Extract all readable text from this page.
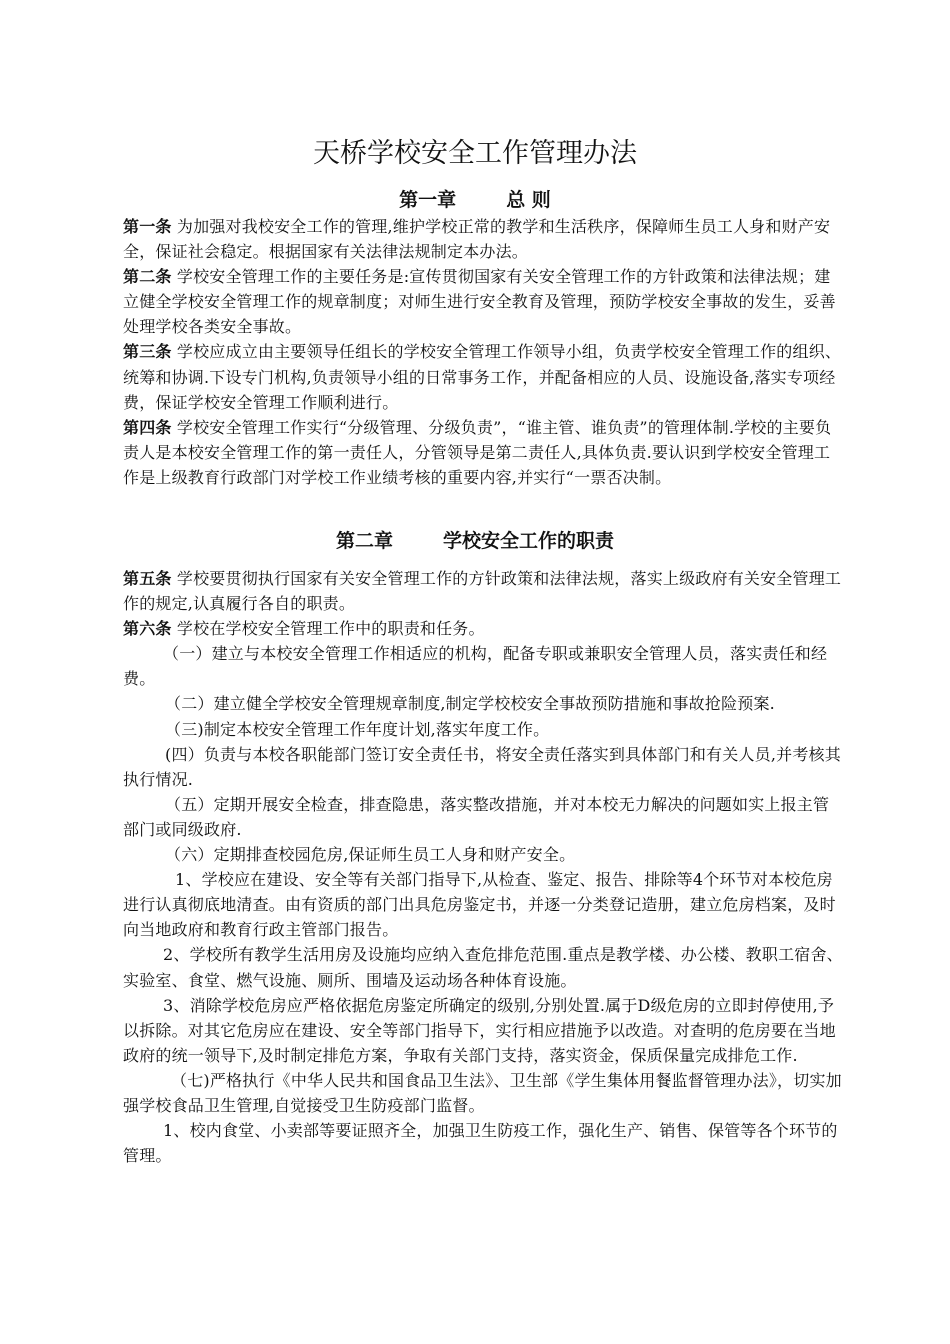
天桥学校安全工作管理办法
第一章	总 则

第一条 为加强对我校安全工作的管理,维护学校正常的教学和生活秩序，保障师生员工人身和财产安全，保证社会稳定。根据国家有关法律法规制定本办法。

第二条 学校安全管理工作的主要任务是:宣传贯彻国家有关安全管理工作的方针政策和法律法规；建立健全学校安全管理工作的规章制度；对师生进行安全教育及管理，预防学校安全事故的发生，妥善处理学校各类安全事故。

第三条 学校应成立由主要领导任组长的学校安全管理工作领导小组，负责学校安全管理工作的组织、统筹和协调.下设专门机构,负责领导小组的日常事务工作，并配备相应的人员、设施设备,落实专项经费，保证学校安全管理工作顺利进行。

第四条 学校安全管理工作实行“分级管理、分级负责”，“谁主管、谁负责”的管理体制.学校的主要负责人是本校安全管理工作的第一责任人，分管领导是第二责任人,具体负责.要认识到学校安全管理工作是上级教育行政部门对学校工作业绩考核的重要内容,并实行“一票否决制。

第二章	学校安全工作的职责

第五条 学校要贯彻执行国家有关安全管理工作的方针政策和法律法规，落实上级政府有关安全管理工作的规定,认真履行各自的职责。

第六条 学校在学校安全管理工作中的职责和任务。

（一）建立与本校安全管理工作相适应的机构，配备专职或兼职安全管理人员，落实责任和经费。

（二）建立健全学校安全管理规章制度,制定学校校安全事故预防措施和事故抢险预案.

（三)制定本校安全管理工作年度计划,落实年度工作。

(四）负责与本校各职能部门签订安全责任书，将安全责任落实到具体部门和有关人员,并考核其执行情况.

（五）定期开展安全检查，排查隐患，落实整改措施，并对本校无力解决的问题如实上报主管部门或同级政府.

（六）定期排查校园危房,保证师生员工人身和财产安全。

1、学校应在建设、安全等有关部门指导下,从检查、鉴定、报告、排除等4个环节对本校危房进行认真彻底地清查。由有资质的部门出具危房鉴定书，并逐一分类登记造册，建立危房档案，及时向当地政府和教育行政主管部门报告。

2、学校所有教学生活用房及设施均应纳入查危排危范围.重点是教学楼、办公楼、教职工宿舍、实验室、食堂、燃气设施、厕所、围墙及运动场各种体育设施。

3、消除学校危房应严格依据危房鉴定所确定的级别,分别处置.属于D级危房的立即封停使用,予以拆除。对其它危房应在建设、安全等部门指导下，实行相应措施予以改造。对查明的危房要在当地政府的统一领导下,及时制定排危方案，争取有关部门支持，落实资金，保质保量完成排危工作.

（七)严格执行《中华人民共和国食品卫生法》、卫生部《学生集体用餐监督管理办法》，切实加强学校食品卫生管理,自觉接受卫生防疫部门监督。

1、校内食堂、小卖部等要证照齐全，加强卫生防疫工作，强化生产、销售、保管等各个环节的管理。
